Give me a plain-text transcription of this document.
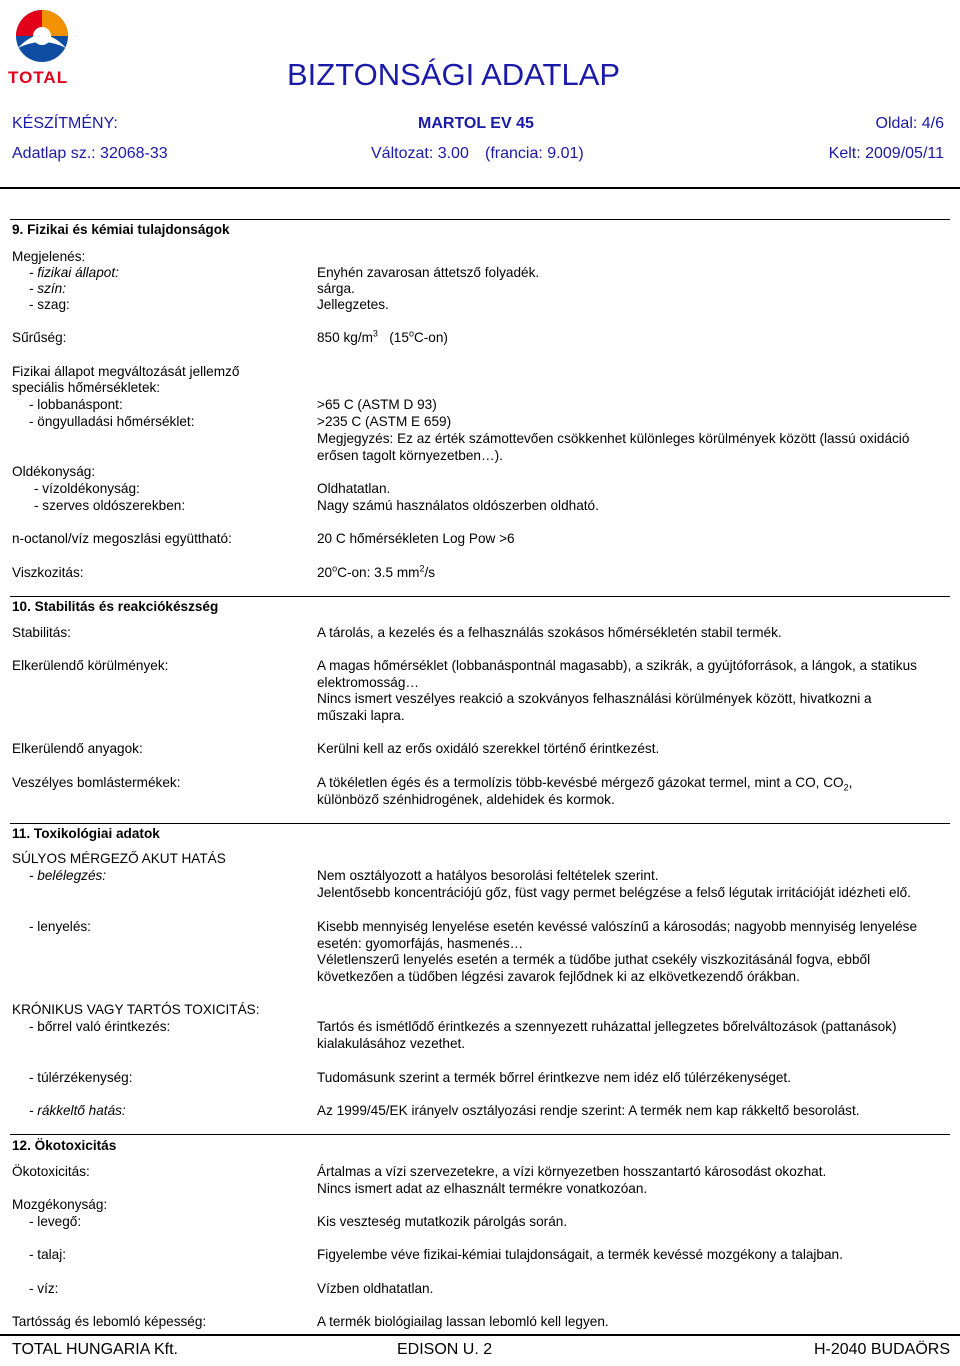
TOTAL	BIZTONSÁGI ADATLAP
KÉSZÍTMÉNY:	MARTOL EV 45	Oldal: 4/6
Adatlap sz.: 32068-33	Változat: 3.00 (francia: 9.01)	Kelt: 2009/05/11
9. Fizikai és kémiai tulajdonságok
Megjelenés:
- fizikai állapot:	Enyhén zavarosan áttetsző folyadék.
- szín:	sárga.
- szag:	Jellegzetes.
Sűrűség:	850 $kg/m^3$ (15$^o$C-on)
Fizikai állapot megváltozását jellemző
speciális hőmérsékletek:
- lobbanáspont:	>65 C (ASTM D 93)
- öngyulladási hőmérséklet:	>235 C (ASTM E 659)
Megjegyzés: Ez az érték számottevően csökkenhet különleges körülmények között (lassú oxidáció erősen tagolt környezetben…).
Oldékonyság:
- vízoldékonyság:	Oldhatatlan.
- szerves oldószerekben:	Nagy számú használatos oldószerben oldható.
n-octanol/víz megoszlási együttható:	20 C hőmérsékleten Log Pow >6
Viszkozitás:	20$^o$C-on: 3.5 $mm^2/s$
10. Stabilitás és reakciókészség
Stabilitás:	A tárolás, a kezelés és a felhasználás szokásos hőmérsékletén stabil termék.
Elkerülendő körülmények:	A magas hőmérséklet (lobbanáspontnál magasabb), a szikrák, a gyújtóforrások, a lángok, a statikus elektromosság…
Nincs ismert veszélyes reakció a szokványos felhasználási körülmények között, hivatkozni a műszaki lapra.
Elkerülendő anyagok:	Kerülni kell az erős oxidáló szerekkel történő érintkezést.
Veszélyes bomlástermékek:	A tökéletlen égés és a termolízis több-kevésbé mérgező gázokat termel, mint a CO, $CO_2$, különböző szénhidrogének, aldehidek és kormok.
11. Toxikológiai adatok
SÚLYOS MÉRGEZŐ AKUT HATÁS
- belélegzés:	Nem osztályozott a hatályos besorolási feltételek szerint.
Jelentősebb koncentrációjú gőz, füst vagy permet belégzése a felső légutak irritációját idézheti elő.
- lenyelés:	Kisebb mennyiség lenyelése esetén kevéssé valószínű a károsodás; nagyobb mennyiség lenyelése esetén: gyomorfájás, hasmenés…
Véletlenszerű lenyelés esetén a termék a tüdőbe juthat csekély viszkozitásánál fogva, ebből következően a tüdőben légzési zavarok fejlődnek ki az elkövetkezendő órákban.
KRÓNIKUS VAGY TARTÓS TOXICITÁS:
- bőrrel való érintkezés:	Tartós és ismétlődő érintkezés a szennyezett ruházattal jellegzetes bőrelváltozások (pattanások) kialakulásához vezethet.
- túlérzékenység:	Tudomásunk szerint a termék bőrrel érintkezve nem idéz elő túlérzékenységet.
- rákkeltő hatás:	Az 1999/45/EK irányelv osztályozási rendje szerint: A termék nem kap rákkeltő besorolást.
12. Ökotoxicitás
Ökotoxicitás:	Ártalmas a vízi szervezetekre, a vízi környezetben hosszantartó károsodást okozhat.
Nincs ismert adat az elhasznált termékre vonatkozóan.
Mozgékonyság:
- levegő:	Kis veszteség mutatkozik párolgás során.
- talaj:	Figyelembe véve fizikai-kémiai tulajdonságait, a termék kevéssé mozgékony a talajban.
- víz:	Vízben oldhatatlan.
Tartósság és lebomló képesség:	A termék biológiailag lassan lebomló kell legyen.
TOTAL HUNGARIA Kft.	EDISON U. 2	H-2040 BUDAÖRS
